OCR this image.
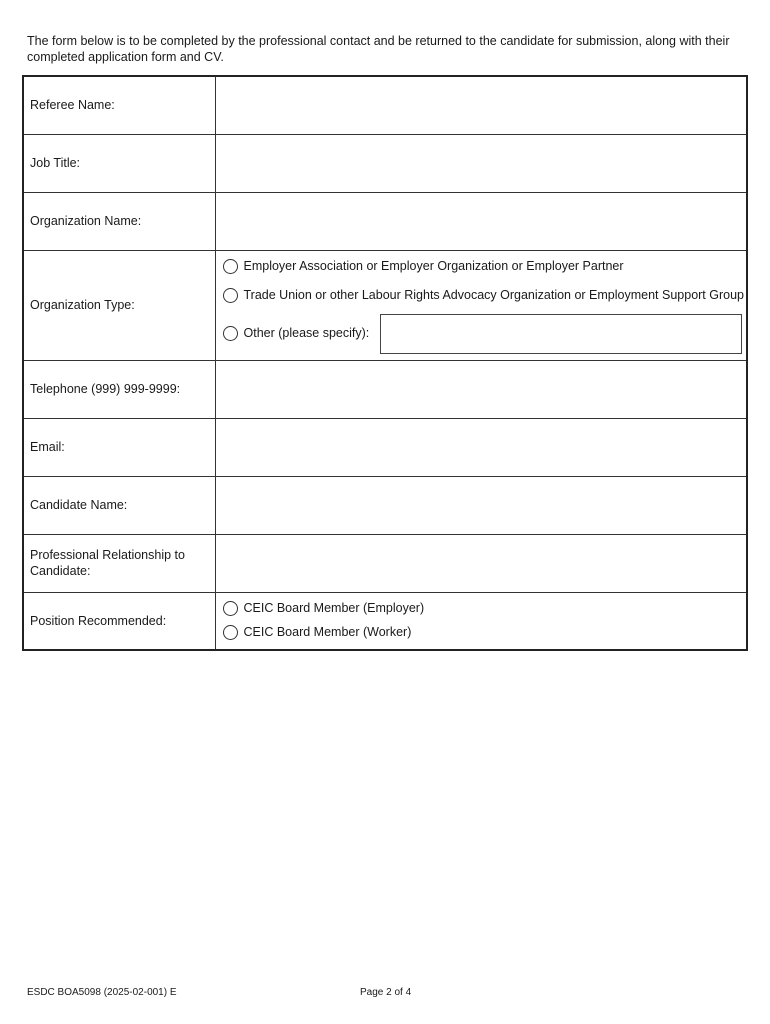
The form below is to be completed by the professional contact and be returned to the candidate for submission, along with their completed application form and CV.

Referee Name:	

Job Title:	

Organization Name:	

Organization Type:	Employer Association or Employer Organization or Employer Partner
Trade Union or other Labour Rights Advocacy Organization or Employment Support Group
Other (please specify):

Telephone (999) 999-9999:	

Email:	

Candidate Name:	

Professional Relationship to Candidate:	

Position Recommended:	CEIC Board Member (Employer)
CEIC Board Member (Worker)
ESDC BOA5098 (2025-02-001) E	Page 2 of 4
